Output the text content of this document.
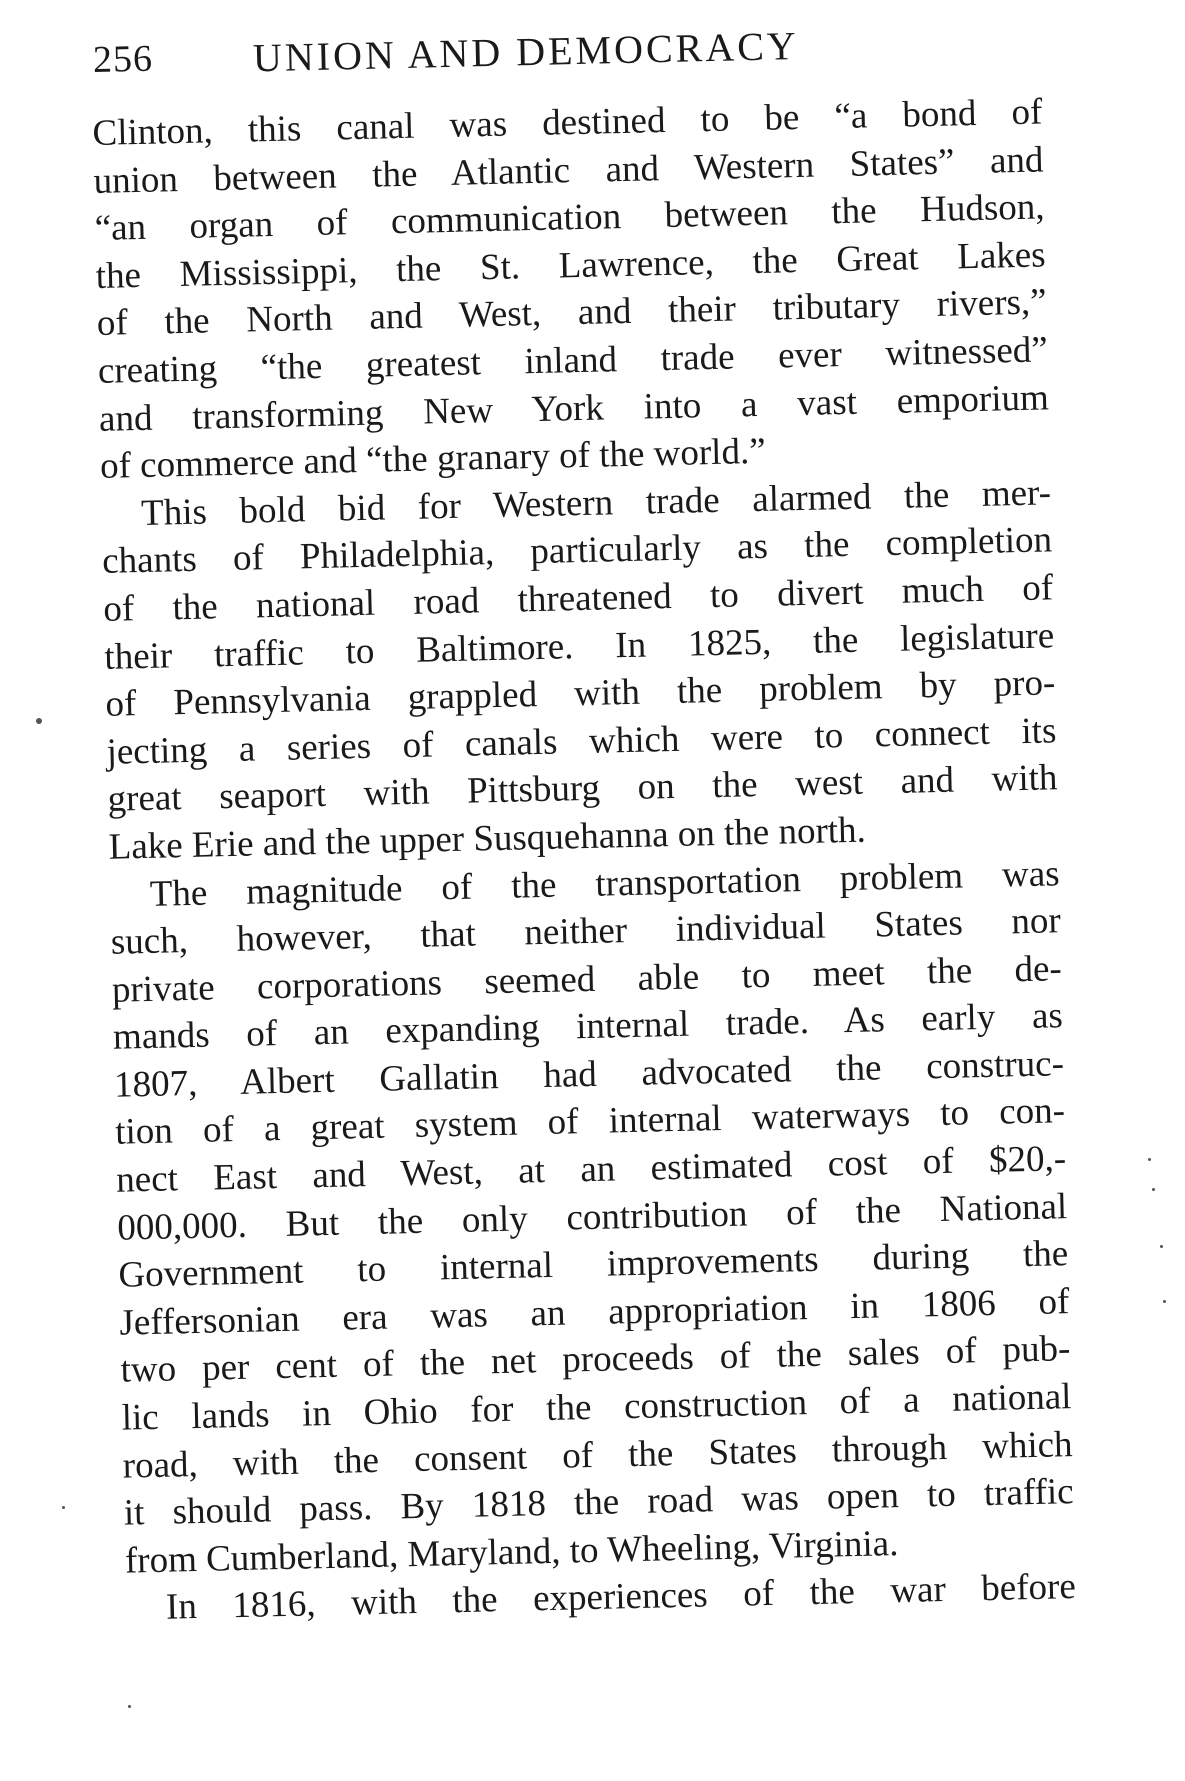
256 UNION AND DEMOCRACY
Clinton, this canal was destined to be “a bond of
union between the Atlantic and Western States” and
“an organ of communication between the Hudson,
the Mississippi, the St. Lawrence, the Great Lakes
of the North and West, and their tributary rivers,”
creating “the greatest inland trade ever witnessed”
and transforming New York into a vast emporium
of commerce and “the granary of the world.”
This bold bid for Western trade alarmed the mer-
chants of Philadelphia, particularly as the completion
of the national road threatened to divert much of
their traffic to Baltimore. In 1825, the legislature
of Pennsylvania grappled with the problem by pro-
jecting a series of canals which were to connect its
great seaport with Pittsburg on the west and with
Lake Erie and the upper Susquehanna on the north.
The magnitude of the transportation problem was
such, however, that neither individual States nor
private corporations seemed able to meet the de-
mands of an expanding internal trade. As early as
1807, Albert Gallatin had advocated the construc-
tion of a great system of internal waterways to con-
nect East and West, at an estimated cost of $20,-
000,000. But the only contribution of the National
Government to internal improvements during the
Jeffersonian era was an appropriation in 1806 of
two per cent of the net proceeds of the sales of pub-
lic lands in Ohio for the construction of a national
road, with the consent of the States through which
it should pass. By 1818 the road was open to traffic
from Cumberland, Maryland, to Wheeling, Virginia.
In 1816, with the experiences of the war before
